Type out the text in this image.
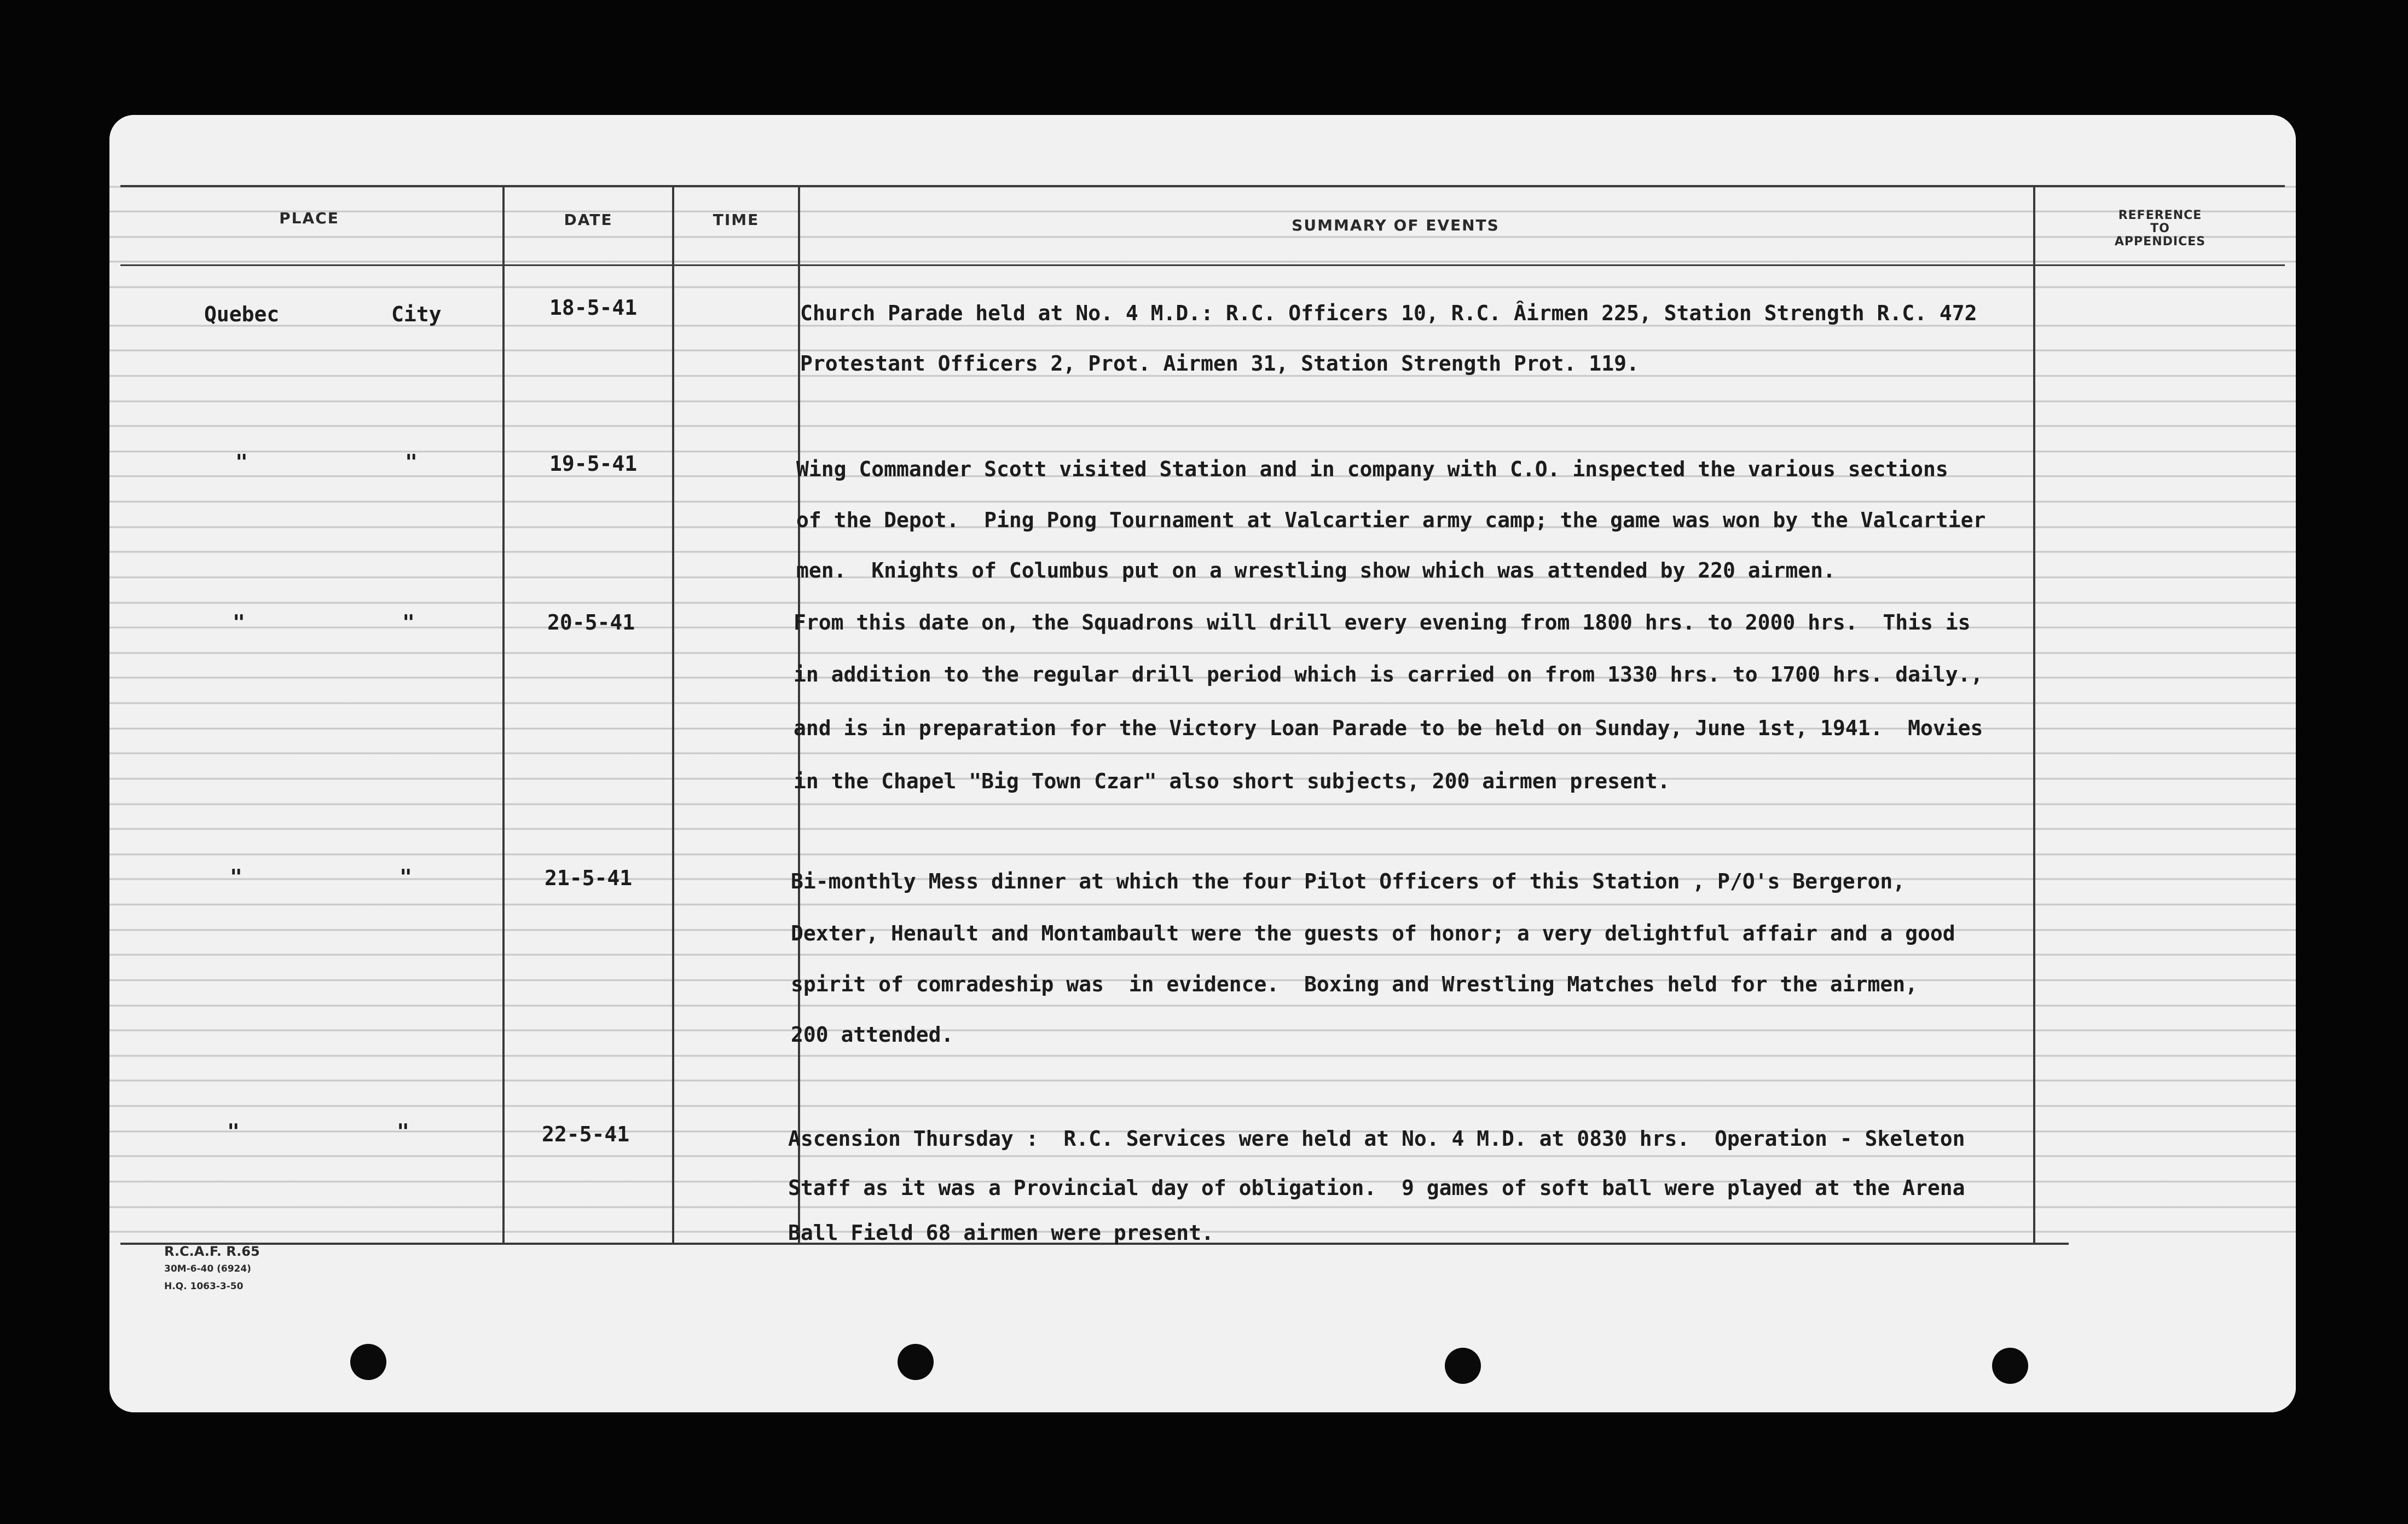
PLACE	DATE	TIME	SUMMARY OF EVENTS
REFERENCE
TO
APPENDICES
Quebec	City	18-5-41	Church Parade held at No. 4 M.D.: R.C. Officers 10, R.C. Âirmen 225, Station Strength R.C. 472
Protestant Officers 2, Prot. Airmen 31, Station Strength Prot. 119.
"	"	19-5-41	Wing Commander Scott visited Station and in company with C.O. inspected the various sections
of the Depot.  Ping Pong Tournament at Valcartier army camp; the game was won by the Valcartier
men.  Knights of Columbus put on a wrestling show which was attended by 220 airmen.
"	"	20-5-41	From this date on, the Squadrons will drill every evening from 1800 hrs. to 2000 hrs.  This is
in addition to the regular drill period which is carried on from 1330 hrs. to 1700 hrs. daily.,
and is in preparation for the Victory Loan Parade to be held on Sunday, June 1st, 1941.  Movies
in the Chapel "Big Town Czar" also short subjects, 200 airmen present.
"	"	21-5-41	Bi-monthly Mess dinner at which the four Pilot Officers of this Station , P/O's Bergeron,
Dexter, Henault and Montambault were the guests of honor; a very delightful affair and a good
spirit of comradeship was  in evidence.  Boxing and Wrestling Matches held for the airmen,
200 attended.
"	"	22-5-41	Ascension Thursday :  R.C. Services were held at No. 4 M.D. at 0830 hrs.  Operation - Skeleton
Staff as it was a Provincial day of obligation.  9 games of soft ball were played at the Arena
Ball Field 68 airmen were present.
R.C.A.F. R.65
30M-6-40 (6924)
H.Q. 1063-3-50
